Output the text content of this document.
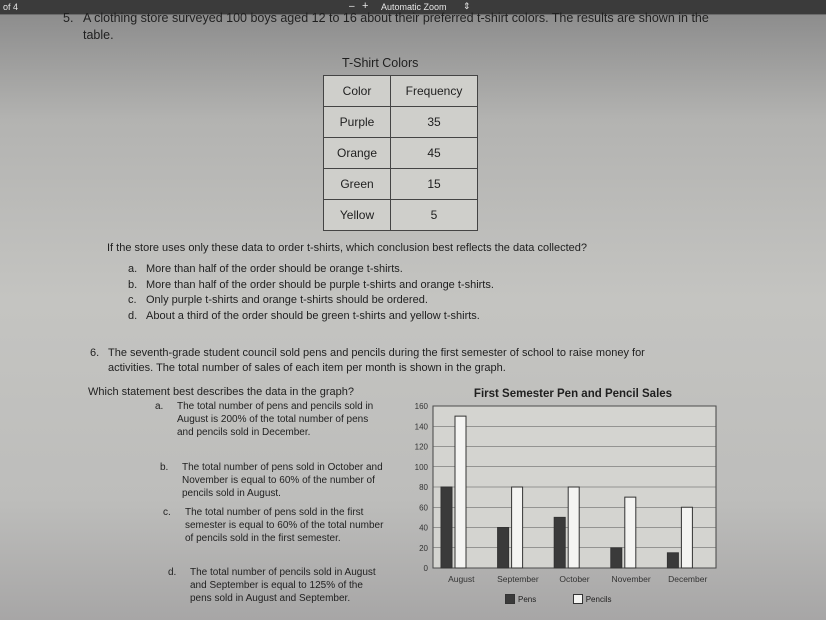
of 4	– + Automatic Zoom ⇕
5. A clothing store surveyed 100 boys aged 12 to 16 about their preferred t-shirt colors. The results are shown in the
table.
T-Shirt Colors
Color	Frequency
Purple	35
Orange	45
Green	15
Yellow	5
If the store uses only these data to order t-shirts, which conclusion best reflects the data collected?
a. More than half of the order should be orange t-shirts.
b. More than half of the order should be purple t-shirts and orange t-shirts.
c. Only purple t-shirts and orange t-shirts should be ordered.
d. About a third of the order should be green t-shirts and yellow t-shirts.
6. The seventh-grade student council sold pens and pencils during the first semester of school to raise money for
activities. The total number of sales of each item per month is shown in the graph.
Which statement best describes the data in the graph?
a. The total number of pens and pencils sold in August is 200% of the total number of pens and pencils sold in December.
b. The total number of pens sold in October and November is equal to 60% of the number of pencils sold in August.
c. The total number of pens sold in the first semester is equal to 60% of the total number of pencils sold in the first semester.
d. The total number of pencils sold in August and September is equal to 125% of the pens sold in August and September.
First Semester Pen and Pencil Sales
0
20
40
60
80
100
120
140
160
August	September October	November December
Pens	Pencils
